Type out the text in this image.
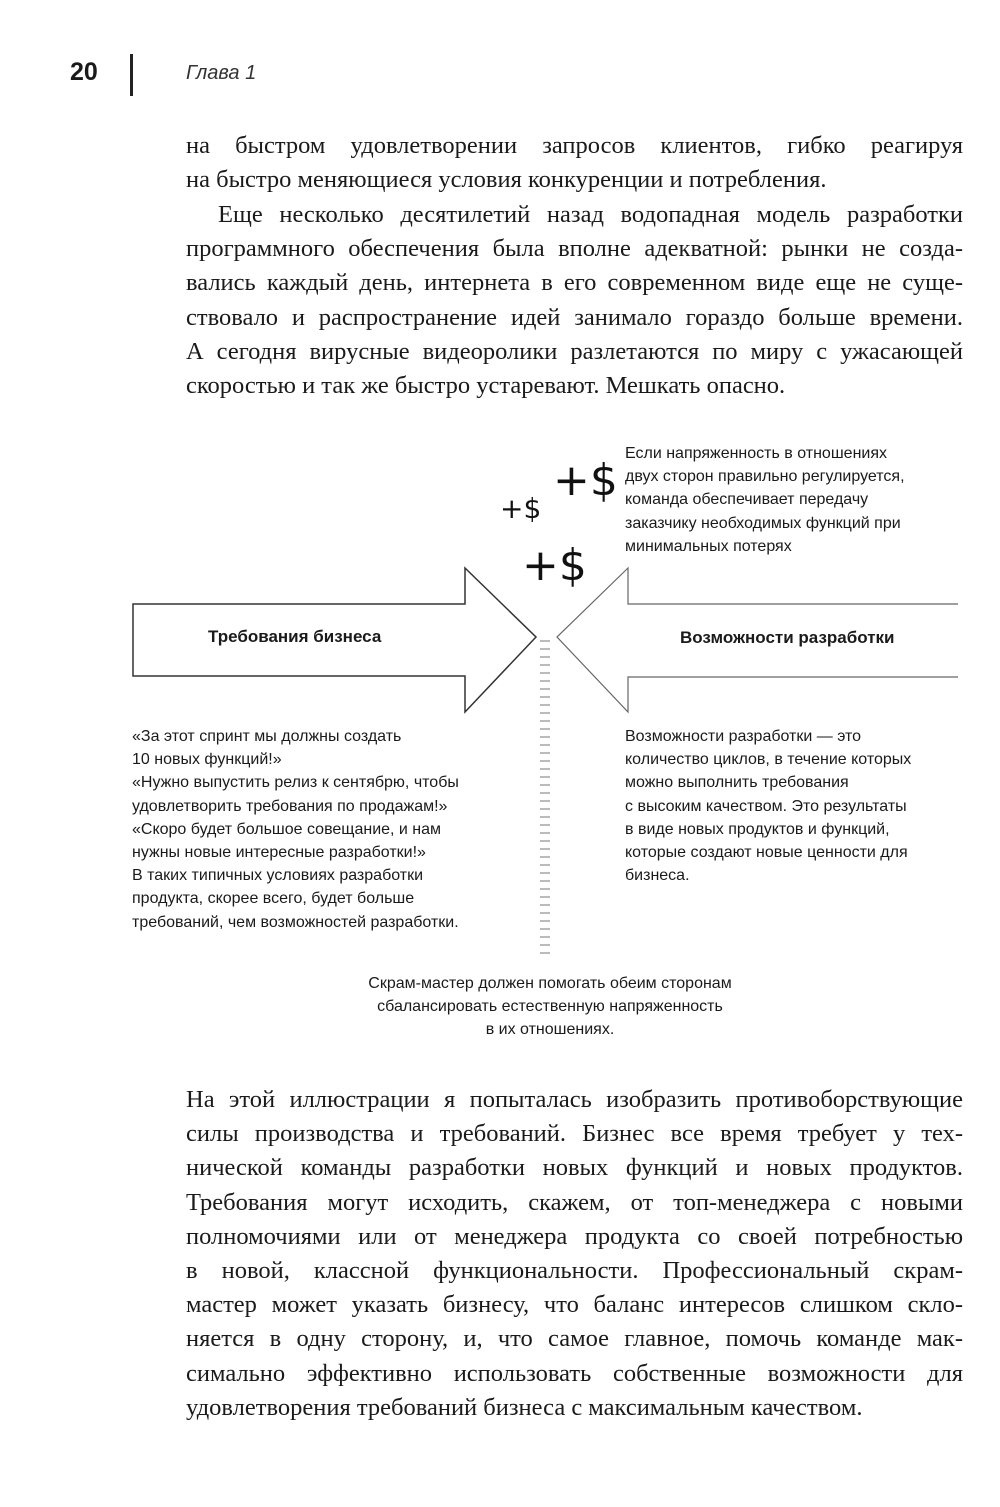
20	Глава 1
на быстром удовлетворении запросов клиентов, гибко реагируя
на быстро меняющиеся условия конкуренции и потребления.
Еще несколько десятилетий назад водопадная модель разработки
программного обеспечения была вполне адекватной: рынки не созда-
вались каждый день, интернета в его современном виде еще не суще-
ствовало и распространение идей занимало гораздо больше времени.
А сегодня вирусные видеоролики разлетаются по миру с ужасающей
скоростью и так же быстро устаревают. Мешкать опасно.
+$
+$
+$
Требования бизнеса	Возможности разработки
Если напряженность в отношениях
двух сторон правильно регулируется,
команда обеспечивает передачу
заказчику необходимых функций при
минимальных потерях
«За этот спринт мы должны создать
10 новых функций!»
«Нужно выпустить релиз к сентябрю, чтобы
удовлетворить требования по продажам!»
«Скоро будет большое совещание, и нам
нужны новые интересные разработки!»
В таких типичных условиях разработки
продукта, скорее всего, будет больше
требований, чем возможностей разработки.
Возможности разработки — это
количество циклов, в течение которых
можно выполнить требования
с высоким качеством. Это результаты
в виде новых продуктов и функций,
которые создают новые ценности для
бизнеса.
Скрам-мастер должен помогать обеим сторонам
сбалансировать естественную напряженность
в их отношениях.
На этой иллюстрации я попыталась изобразить противоборствующие
силы производства и требований. Бизнес все время требует у тех-
нической команды разработки новых функций и новых продуктов.
Требования могут исходить, скажем, от топ-менеджера с новыми
полномочиями или от менеджера продукта со своей потребностью
в новой, классной функциональности. Профессиональный скрам-
мастер может указать бизнесу, что баланс интересов слишком скло-
няется в одну сторону, и, что самое главное, помочь команде мак-
симально эффективно использовать собственные возможности для
удовлетворения требований бизнеса с максимальным качеством.
